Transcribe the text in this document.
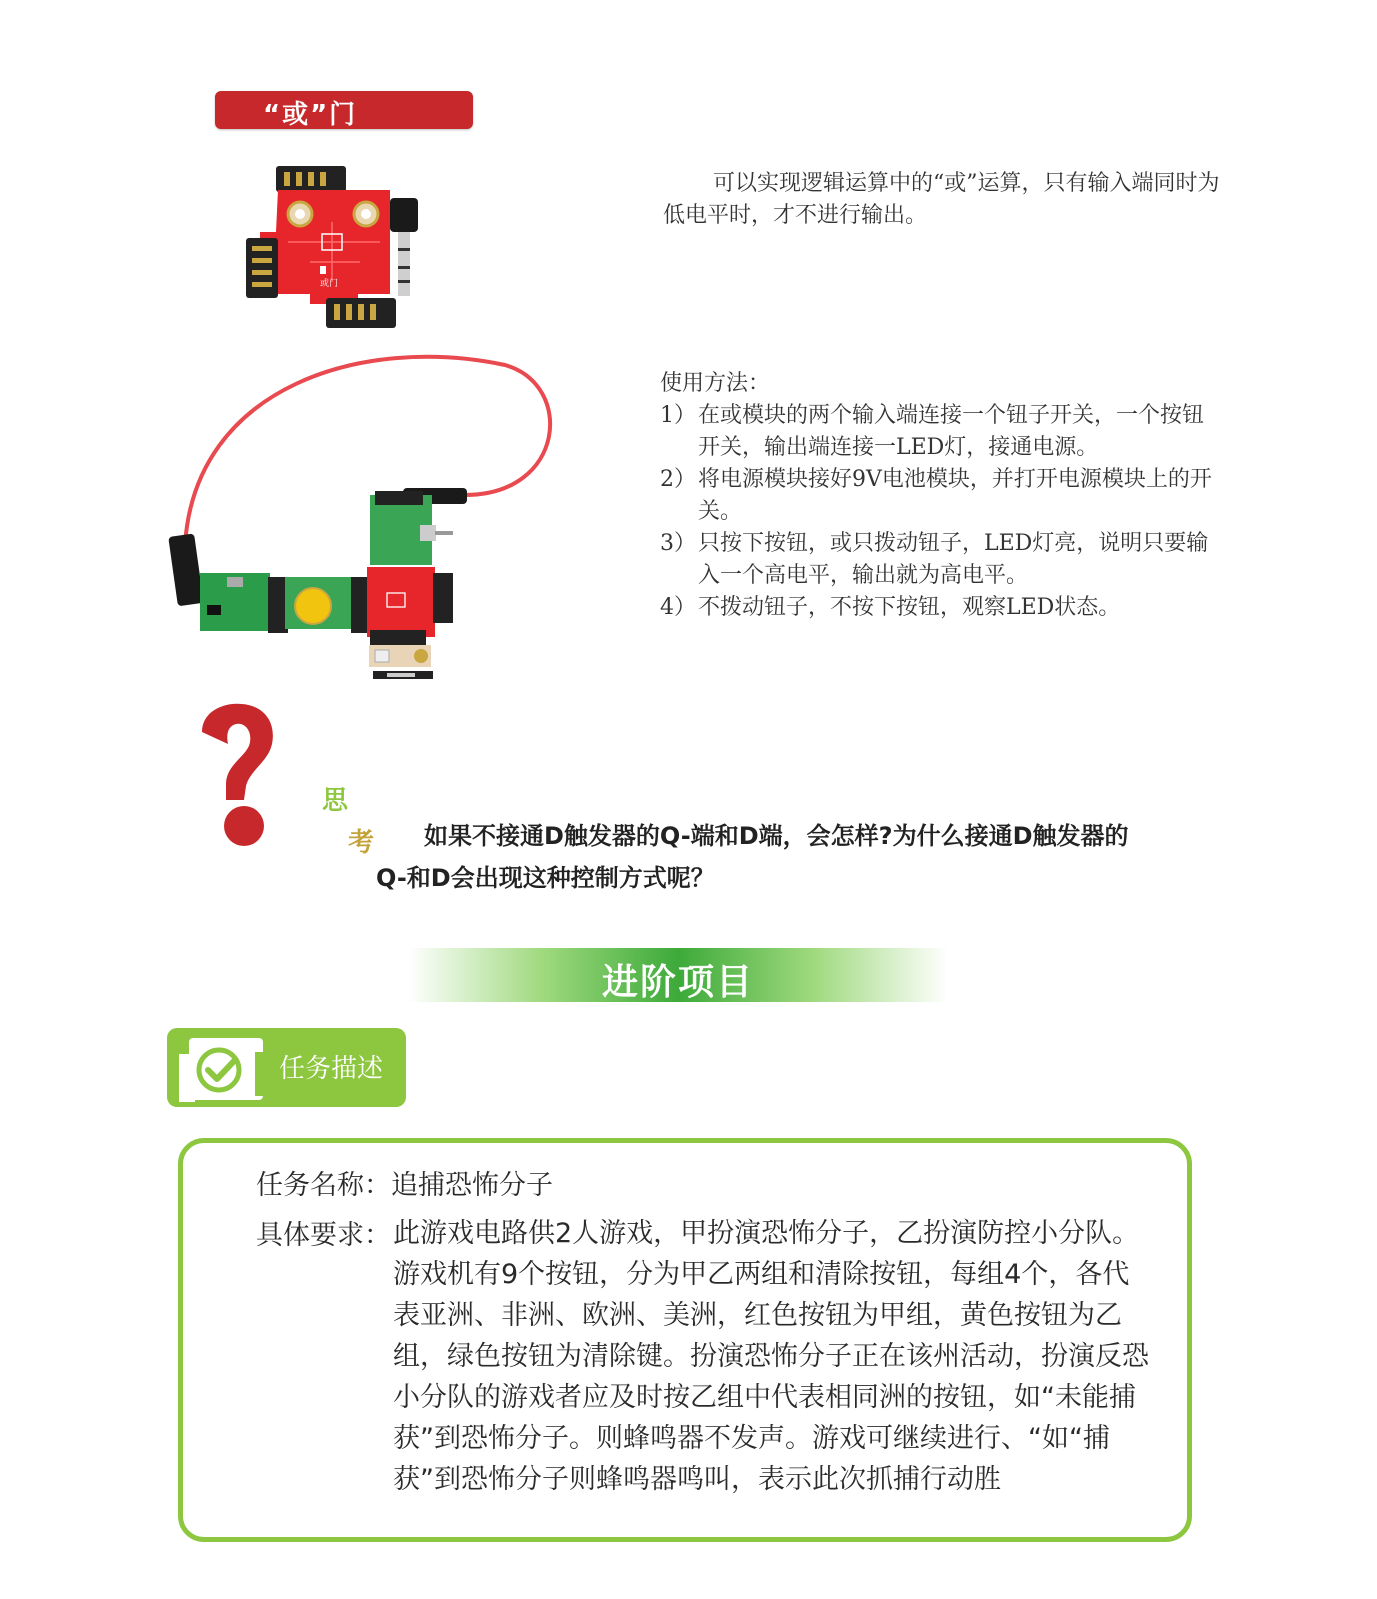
“或”门
或门

可以实现逻辑运算中的“或”运算，只有输入端同时为低电平时，才不进行输出。

使用方法：
1） 在或模块的两个输入端连接一个钮子开关，一个按钮开关，输出端连接一LED灯，接通电源。
2） 将电源模块接好9V电池模块，并打开电源模块上的开关。
3） 只按下按钮，或只拨动钮子，LED灯亮，说明只要输入一个高电平，输出就为高电平。
4） 不拨动钮子，不按下按钮，观察LED状态。
思
考	如果不接通D触发器的Q-端和D端，会怎样?为什么接通D触发器的
Q-和D会出现这种控制方式呢？
进阶项目
任务描述
任务名称：追捕恐怖分子
具体要求： 此游戏电路供2人游戏，甲扮演恐怖分子，乙扮演防控小分队。游戏机有9个按钮，分为甲乙两组和清除按钮，每组4个，各代表亚洲、非洲、欧洲、美洲，红色按钮为甲组，黄色按钮为乙组，绿色按钮为清除键。扮演恐怖分子正在该州活动，扮演反恐小分队的游戏者应及时按乙组中代表相同洲的按钮，如“未能捕获”到恐怖分子。则蜂鸣器不发声。游戏可继续进行、“如“捕获”到恐怖分子则蜂鸣器鸣叫，表示此次抓捕行动胜
